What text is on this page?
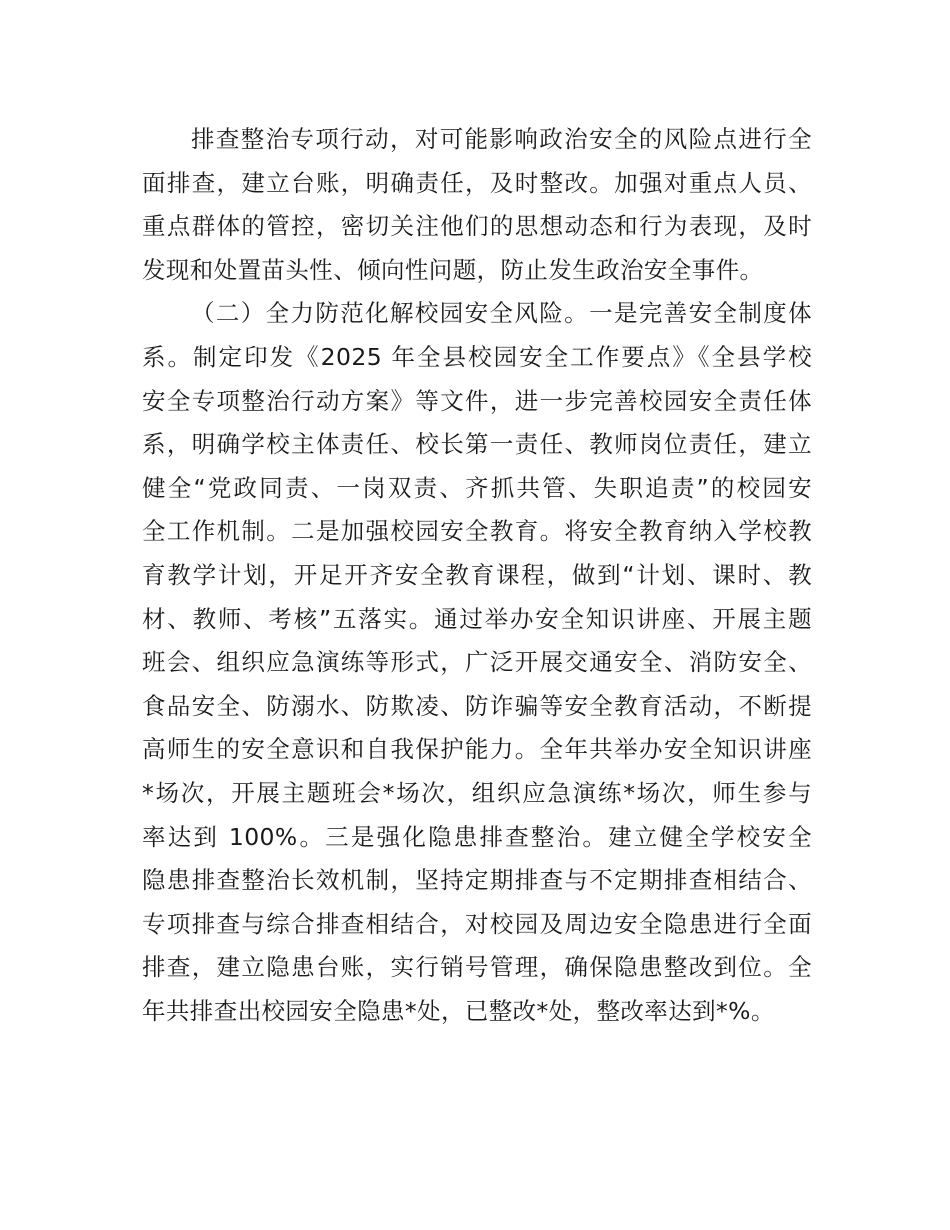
排查整治专项行动，对可能影响政治安全的风险点进行全
面排查，建立台账，明确责任，及时整改。加强对重点人员、
重点群体的管控，密切关注他们的思想动态和行为表现，及时
发现和处置苗头性、倾向性问题，防止发生政治安全事件。
（二）全力防范化解校园安全风险。一是完善安全制度体
系。制定印发《2025 年全县校园安全工作要点》《全县学校
安全专项整治行动方案》等文件，进一步完善校园安全责任体
系，明确学校主体责任、校长第一责任、教师岗位责任，建立
健全“党政同责、一岗双责、齐抓共管、失职追责”的校园安
全工作机制。二是加强校园安全教育。将安全教育纳入学校教
育教学计划，开足开齐安全教育课程，做到“计划、课时、教
材、教师、考核”五落实。通过举办安全知识讲座、开展主题
班会、组织应急演练等形式，广泛开展交通安全、消防安全、
食品安全、防溺水、防欺凌、防诈骗等安全教育活动，不断提
高师生的安全意识和自我保护能力。全年共举办安全知识讲座
*场次，开展主题班会*场次，组织应急演练*场次，师生参与
率达到 100%。三是强化隐患排查整治。建立健全学校安全
隐患排查整治长效机制，坚持定期排查与不定期排查相结合、
专项排查与综合排查相结合，对校园及周边安全隐患进行全面
排查，建立隐患台账，实行销号管理，确保隐患整改到位。全
年共排查出校园安全隐患*处，已整改*处，整改率达到*%。
